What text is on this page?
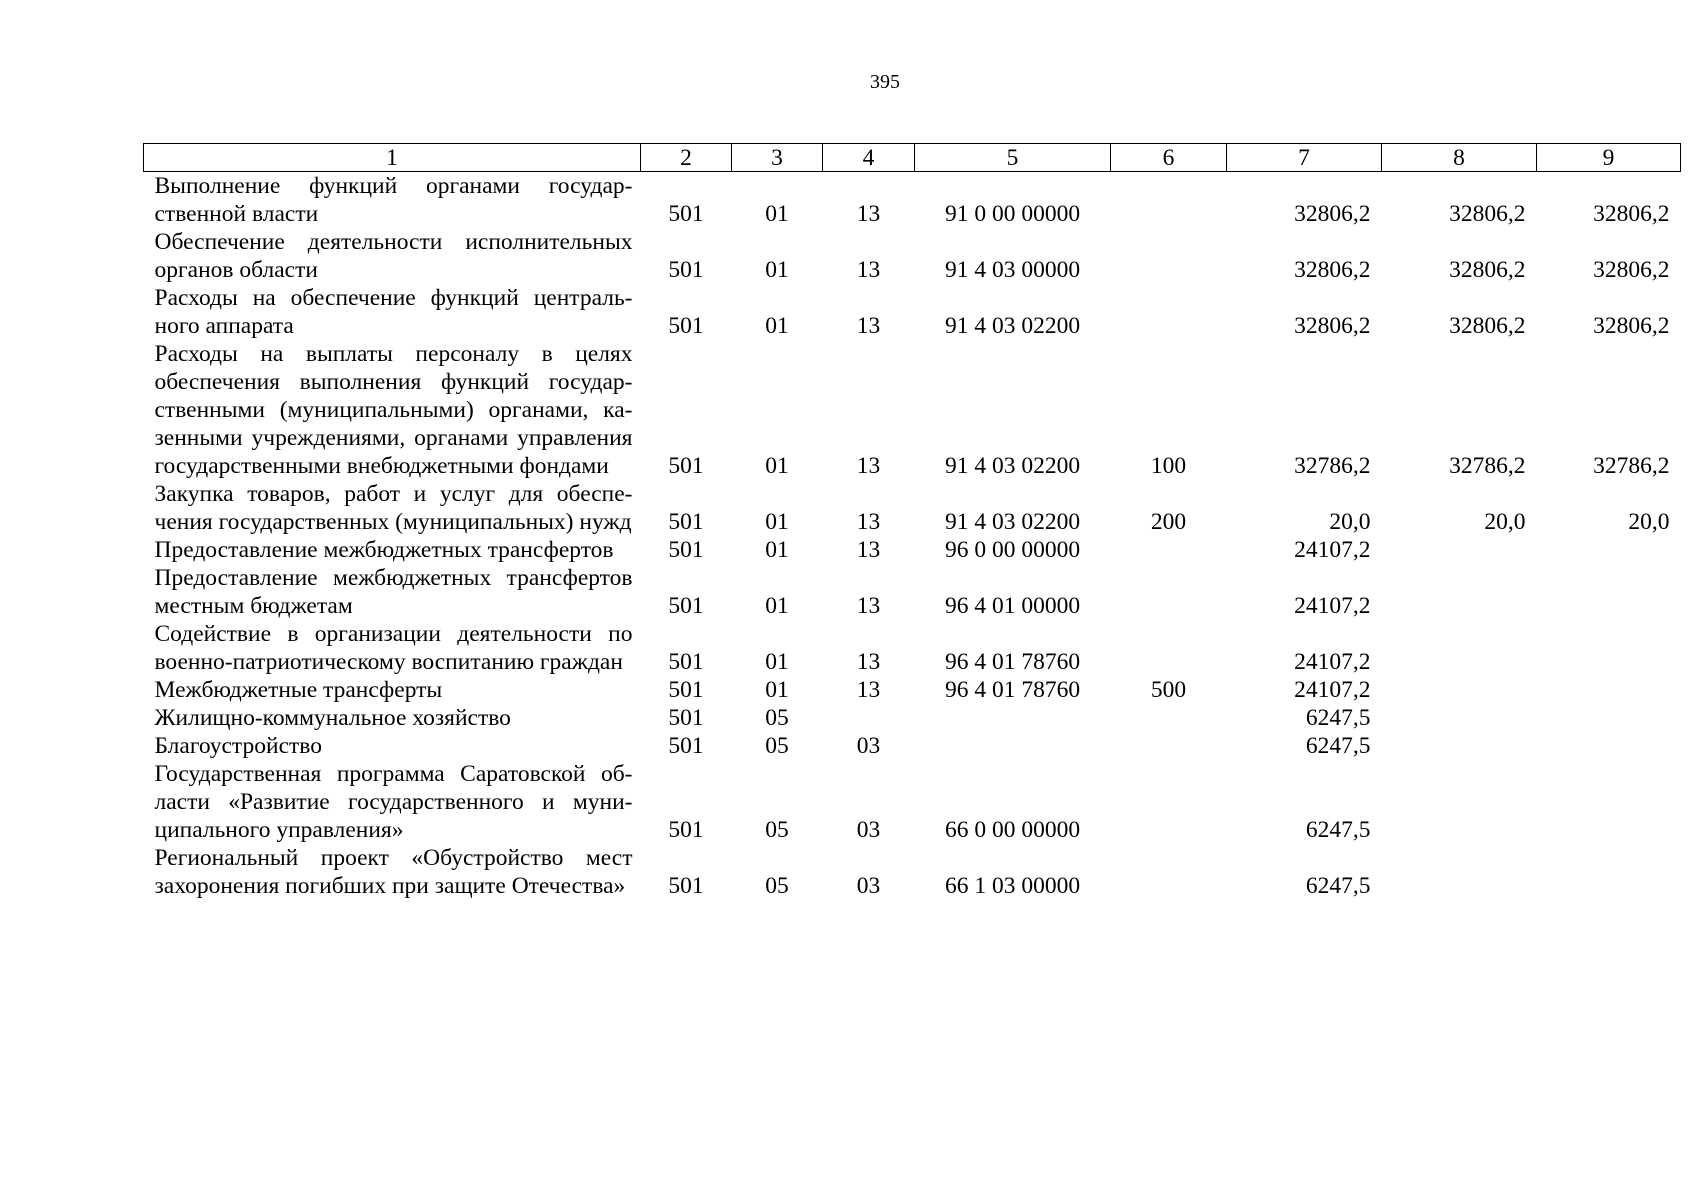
395
1	2	3	4	5	6	7	8	9
Выполнение функций органами государственной власти	501	01	13	91 0 00 00000		32806,2	32806,2	32806,2
Обеспечение деятельности исполнительных органов области	501	01	13	91 4 03 00000		32806,2	32806,2	32806,2
Расходы на обеспечение функций центрального аппарата	501	01	13	91 4 03 02200		32806,2	32806,2	32806,2
Расходы на выплаты персоналу в целях обеспечения выполнения функций государственными (муниципальными) органами, казенными учреждениями, органами управления государственными внебюджетными фондами	501	01	13	91 4 03 02200	100	32786,2	32786,2	32786,2
Закупка товаров, работ и услуг для обеспечения государственных (муниципальных) нужд	501	01	13	91 4 03 02200	200	20,0	20,0	20,0
Предоставление межбюджетных трансфертов	501	01	13	96 0 00 00000		24107,2		
Предоставление межбюджетных трансфертов местным бюджетам	501	01	13	96 4 01 00000		24107,2		
Содействие в организации деятельности по военно-патриотическому воспитанию граждан	501	01	13	96 4 01 78760		24107,2		
Межбюджетные трансферты	501	01	13	96 4 01 78760	500	24107,2		
Жилищно-коммунальное хозяйство	501	05				6247,5		
Благоустройство	501	05	03			6247,5		
Государственная программа Саратовской области «Развитие государственного и муниципального управления»	501	05	03	66 0 00 00000		6247,5		
Региональный проект «Обустройство мест захоронения погибших при защите Отечества»	501	05	03	66 1 03 00000		6247,5		
